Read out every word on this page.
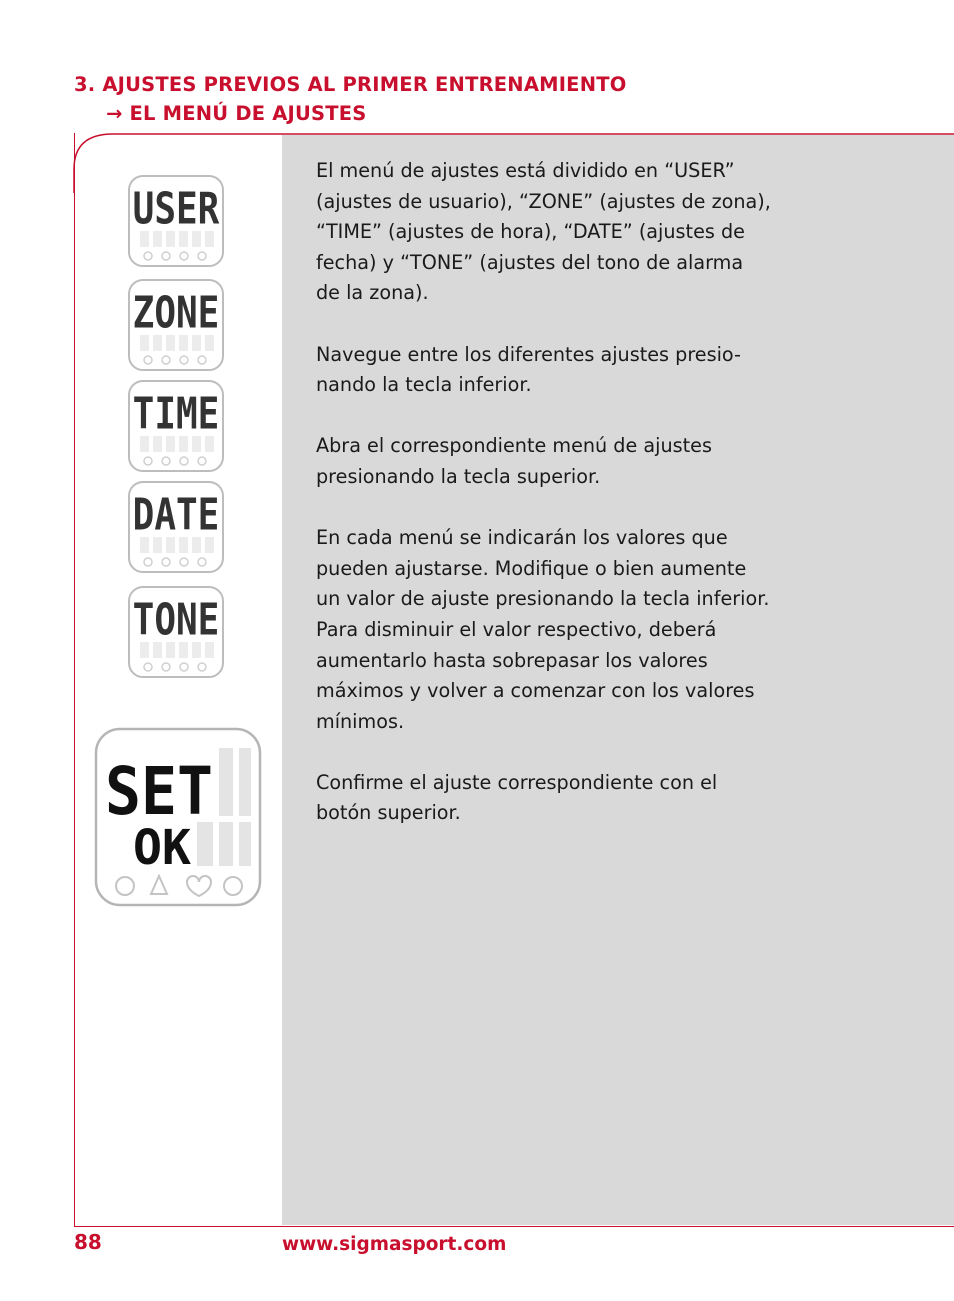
3. AJUSTES PREVIOS AL PRIMER ENTRENAMIENTO
→ EL MENÚ DE AJUSTES
USER
ZONE
TIME
DATE
TONE
SET
OK

El menú de ajustes está dividido en “USER”
(ajustes de usuario), “ZONE” (ajustes de zona),
“TIME” (ajustes de hora), “DATE” (ajustes de
fecha) y “TONE” (ajustes del tono de alarma
de la zona).

Navegue entre los diferentes ajustes presio-
nando la tecla inferior.

Abra el correspondiente menú de ajustes
presionando la tecla superior.

En cada menú se indicarán los valores que
pueden ajustarse. Modifique o bien aumente
un valor de ajuste presionando la tecla inferior.
Para disminuir el valor respectivo, deberá
aumentarlo hasta sobrepasar los valores
máximos y volver a comenzar con los valores
mínimos.

Confirme el ajuste correspondiente con el
botón superior.

88	www.sigmasport.com
